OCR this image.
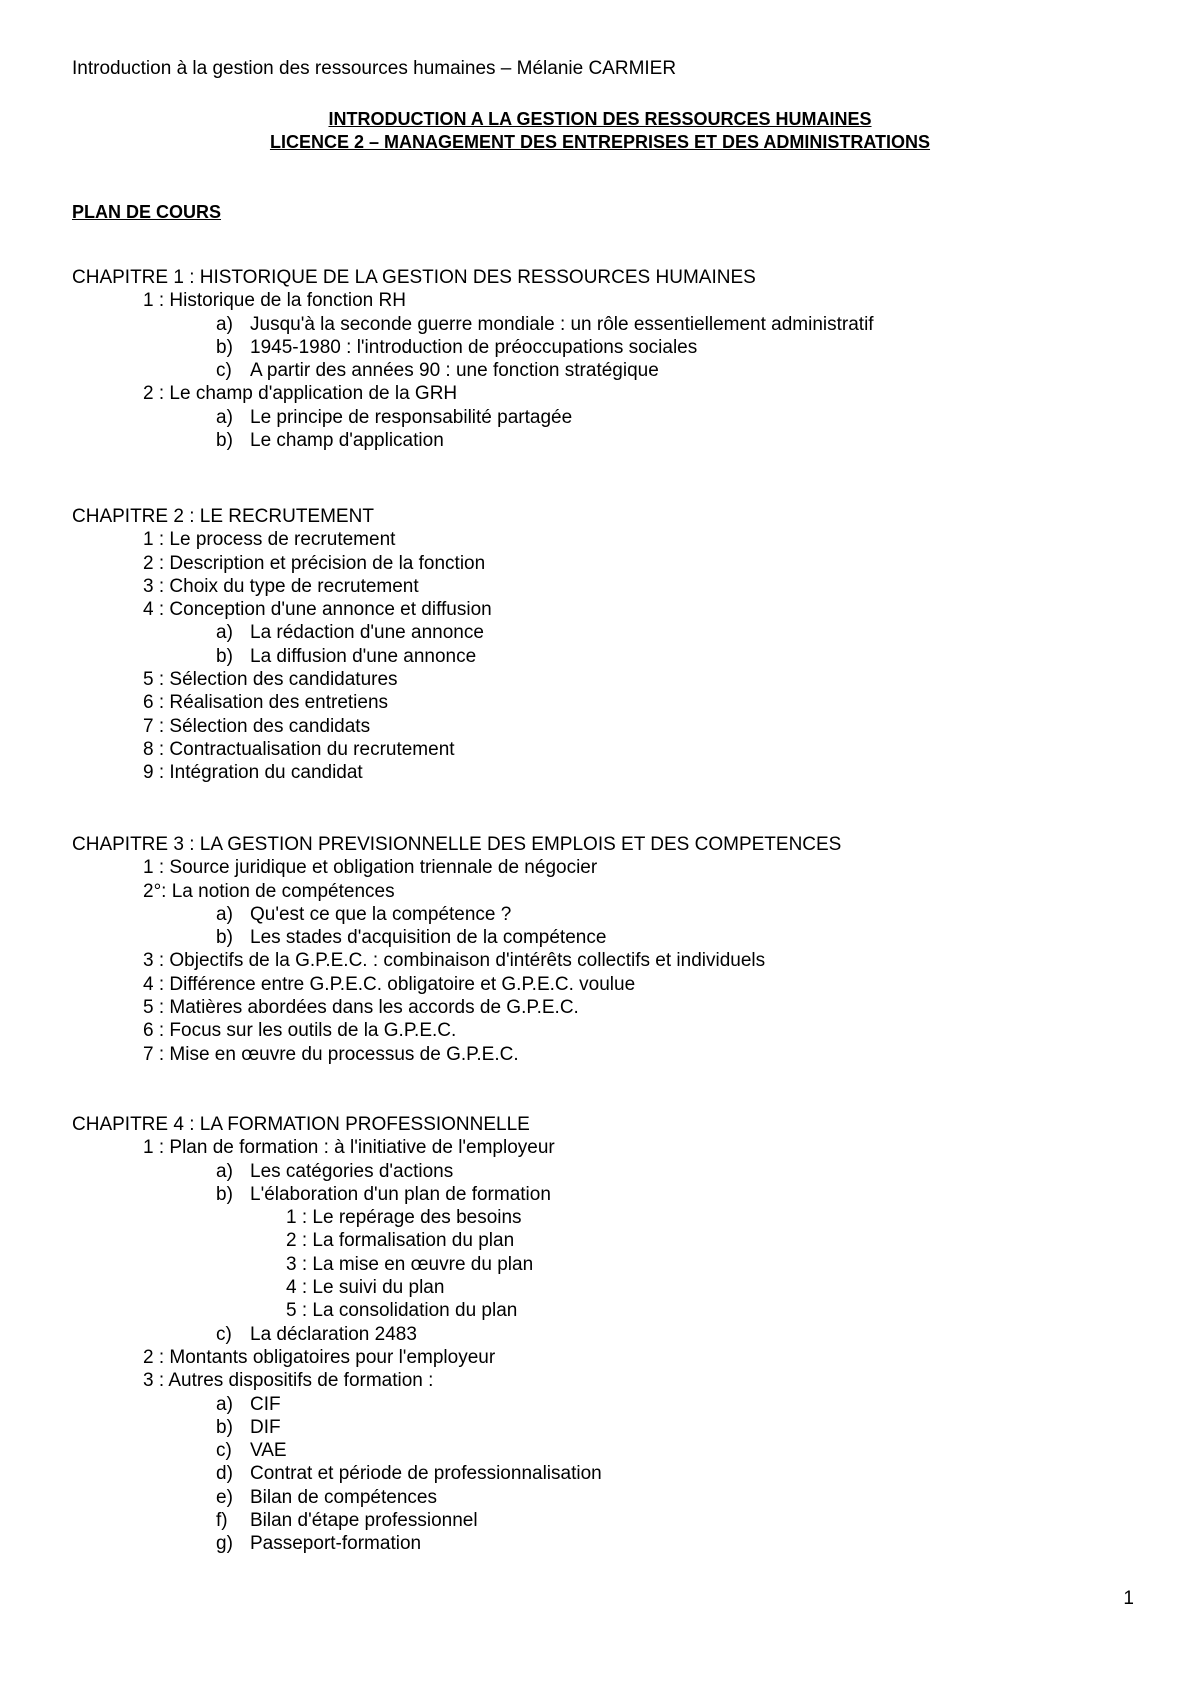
Introduction à la gestion des ressources humaines – Mélanie CARMIER
INTRODUCTION A LA GESTION DES RESSOURCES HUMAINES
LICENCE 2 – MANAGEMENT DES ENTREPRISES ET DES ADMINISTRATIONS
PLAN DE COURS
CHAPITRE 1 : HISTORIQUE DE LA GESTION DES RESSOURCES HUMAINES
1 : Historique de la fonction RH
a) Jusqu'à la seconde guerre mondiale : un rôle essentiellement administratif
b) 1945-1980 : l'introduction de préoccupations sociales
c) A partir des années 90 : une fonction stratégique
2 : Le champ d'application de la GRH
a) Le principe de responsabilité partagée
b) Le champ d'application
CHAPITRE 2 : LE RECRUTEMENT
1 : Le process de recrutement
2 : Description et précision de la fonction
3 : Choix du type de recrutement
4 : Conception d'une annonce et diffusion
a) La rédaction d'une annonce
b) La diffusion d'une annonce
5 : Sélection des candidatures
6 : Réalisation des entretiens
7 : Sélection des candidats
8 : Contractualisation du recrutement
9 : Intégration du candidat
CHAPITRE 3 : LA GESTION PREVISIONNELLE DES EMPLOIS ET DES COMPETENCES
1 : Source juridique et obligation triennale de négocier
2°: La notion de compétences
a) Qu'est ce que la compétence ?
b) Les stades d'acquisition de la compétence
3 : Objectifs de la G.P.E.C. : combinaison d'intérêts collectifs et individuels
4 : Différence entre G.P.E.C. obligatoire et G.P.E.C. voulue
5 : Matières abordées dans les accords de G.P.E.C.
6 : Focus sur les outils de la G.P.E.C.
7 : Mise en œuvre du processus de G.P.E.C.
CHAPITRE 4 : LA FORMATION PROFESSIONNELLE
1 : Plan de formation : à l'initiative de l'employeur
a) Les catégories d'actions
b) L'élaboration d'un plan de formation
1 : Le repérage des besoins
2 : La formalisation du plan
3 : La mise en œuvre du plan
4 : Le suivi du plan
5 : La consolidation du plan
c) La déclaration 2483
2 : Montants obligatoires pour l'employeur
3 : Autres dispositifs de formation :
a) CIF
b) DIF
c) VAE
d) Contrat et période de professionnalisation
e) Bilan de compétences
f) Bilan d'étape professionnel
g) Passeport-formation
1
